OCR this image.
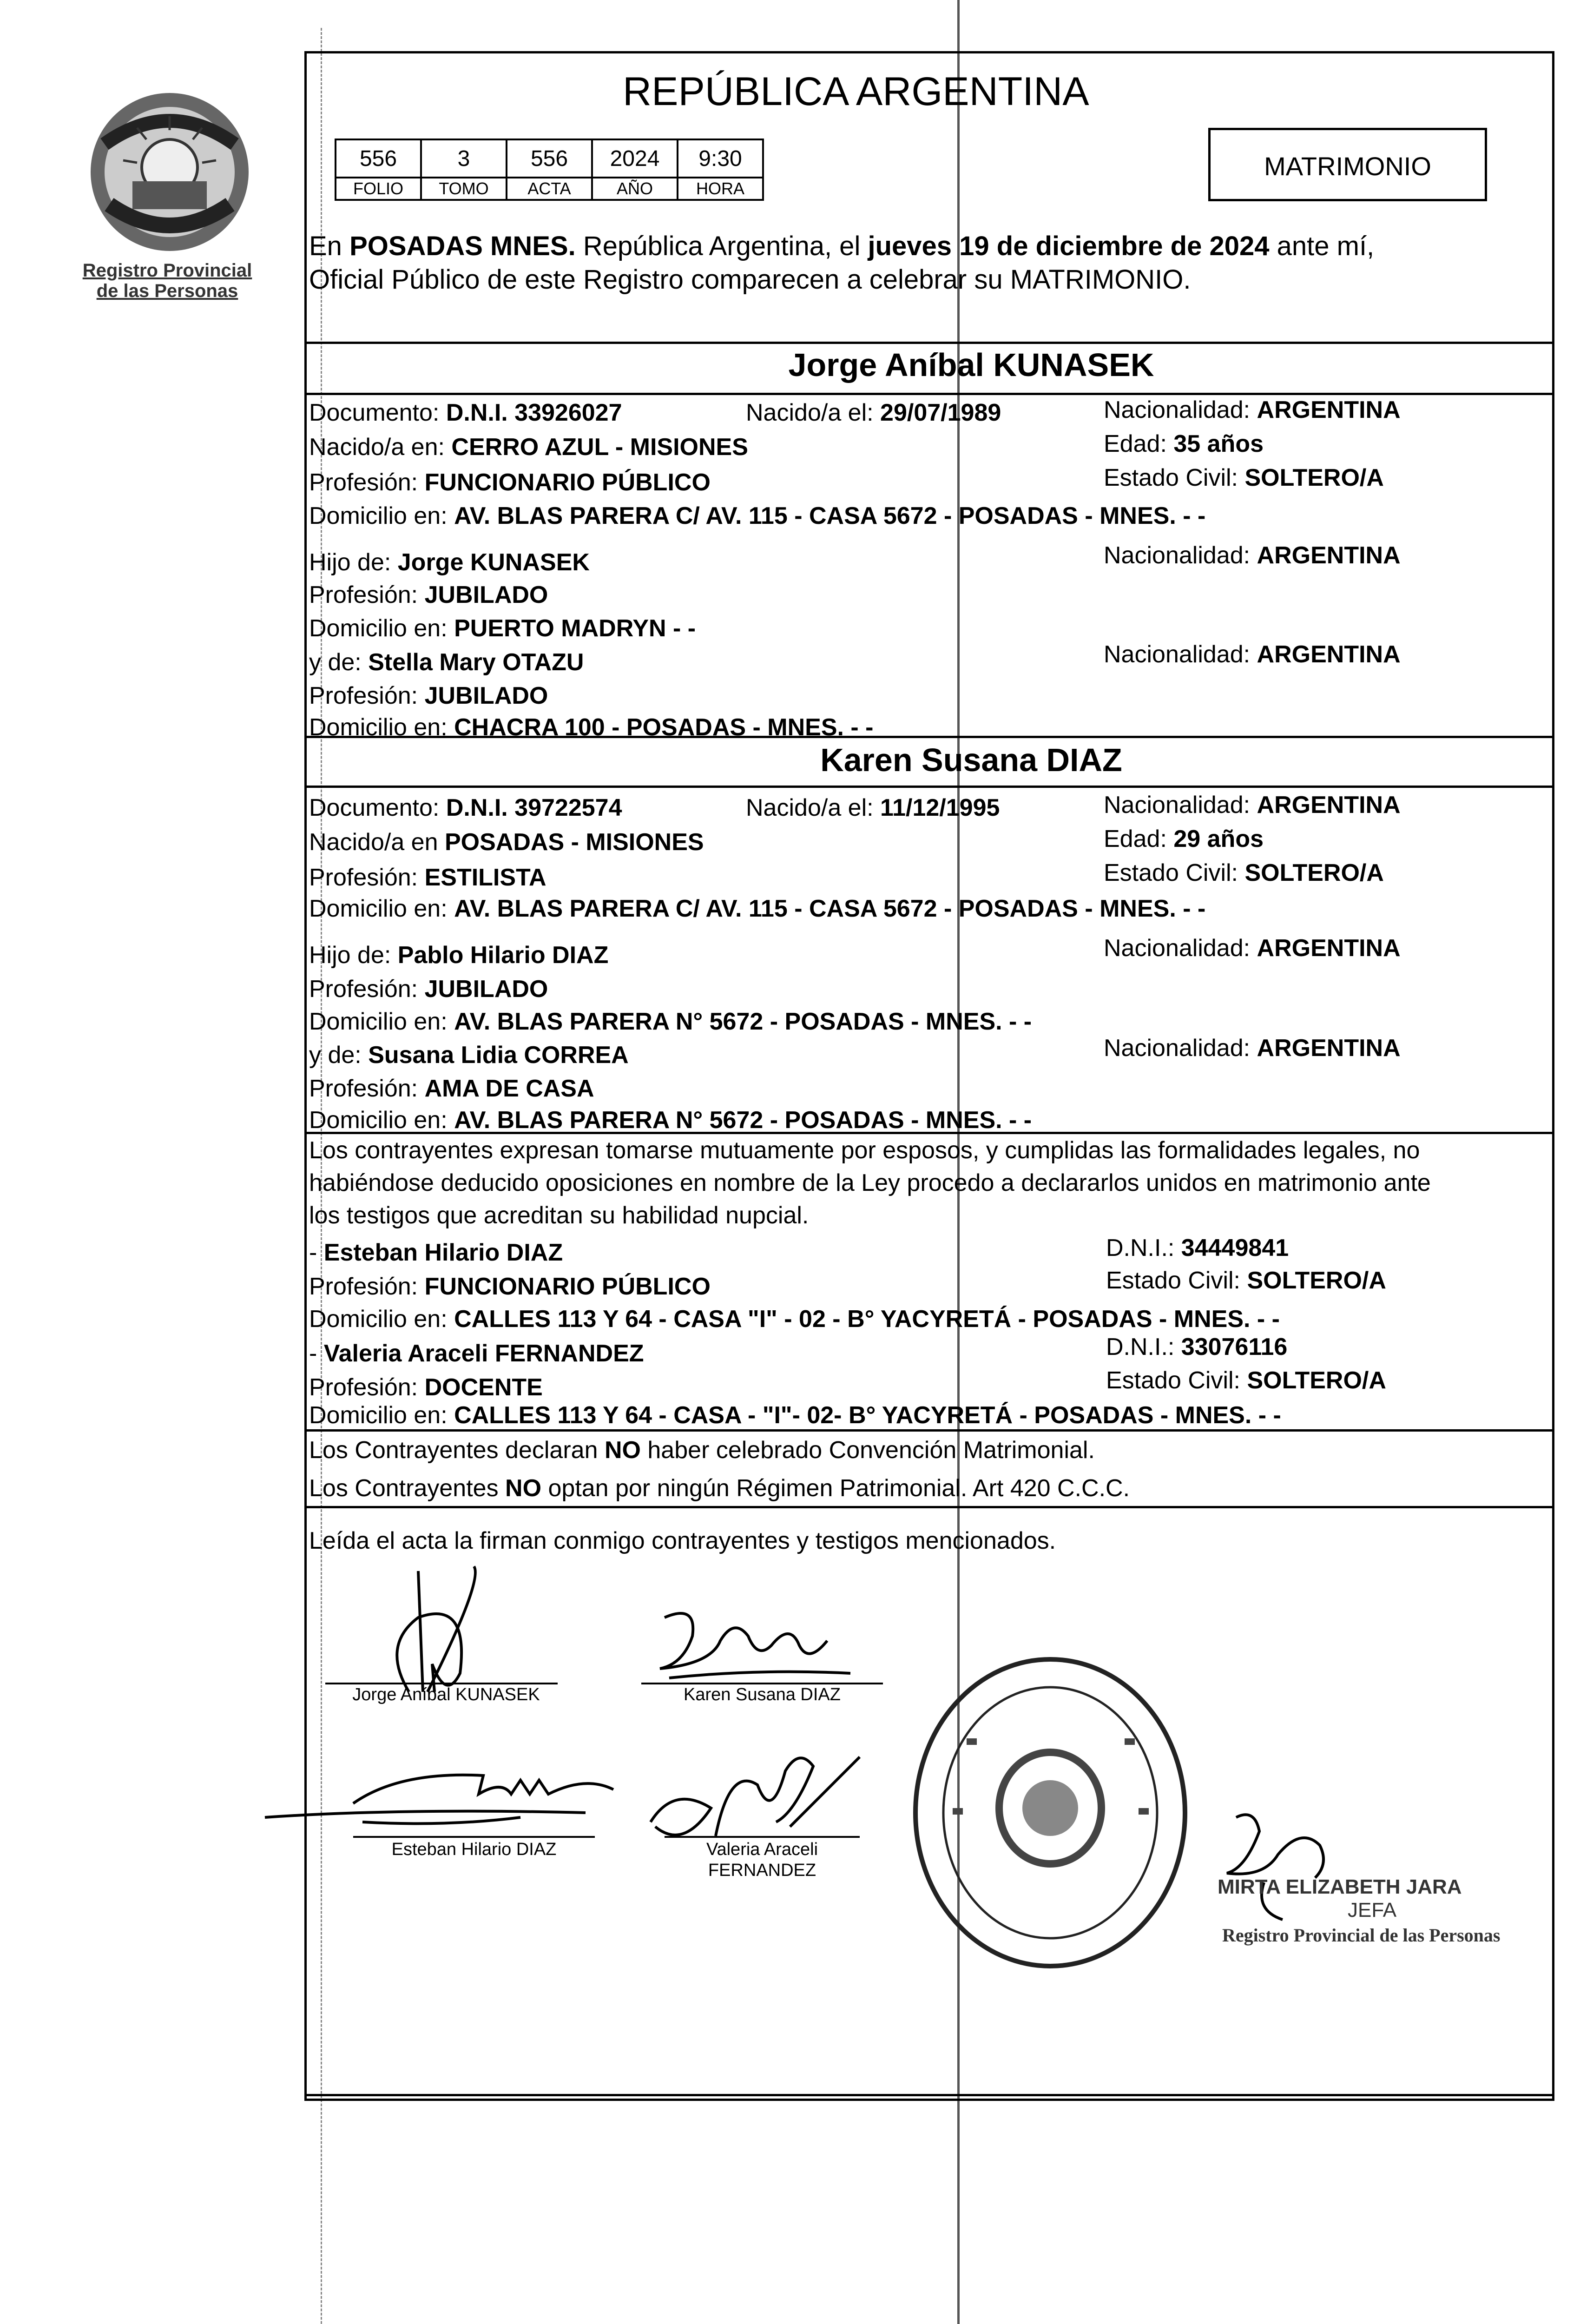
Registro Provincial
de las Personas
REPÚBLICA ARGENTINA
556	3	556	2024	9:30
FOLIO	TOMO	ACTA	AÑO	HORA
MATRIMONIO
En POSADAS MNES. República Argentina, el jueves 19 de diciembre de 2024 ante mí,
Oficial Público de este Registro comparecen a celebrar su MATRIMONIO.
Jorge Aníbal KUNASEK
Documento: D.N.I. 33926027	Nacido/a el: 29/07/1989	Nacionalidad: ARGENTINA
Nacido/a en: CERRO AZUL - MISIONES	Edad: 35 años
Profesión: FUNCIONARIO PÚBLICO	Estado Civil: SOLTERO/A
Domicilio en: AV. BLAS PARERA C/ AV. 115 - CASA 5672 - POSADAS - MNES. - -
Hijo de: Jorge KUNASEK	Nacionalidad: ARGENTINA
Profesión: JUBILADO
Domicilio en: PUERTO MADRYN - -
y de: Stella Mary OTAZU	Nacionalidad: ARGENTINA
Profesión: JUBILADO
Domicilio en: CHACRA 100 - POSADAS - MNES. - -
Karen Susana DIAZ
Documento: D.N.I. 39722574	Nacido/a el: 11/12/1995	Nacionalidad: ARGENTINA
Nacido/a en POSADAS - MISIONES	Edad: 29 años
Profesión: ESTILISTA	Estado Civil: SOLTERO/A
Domicilio en: AV. BLAS PARERA C/ AV. 115 - CASA 5672 - POSADAS - MNES. - -
Hijo de: Pablo Hilario DIAZ	Nacionalidad: ARGENTINA
Profesión: JUBILADO
Domicilio en: AV. BLAS PARERA N° 5672 - POSADAS - MNES. - -
y de: Susana Lidia CORREA	Nacionalidad: ARGENTINA
Profesión: AMA DE CASA
Domicilio en: AV. BLAS PARERA N° 5672 - POSADAS - MNES. - -
Los contrayentes expresan tomarse mutuamente por esposos, y cumplidas las formalidades legales, no
habiéndose deducido oposiciones en nombre de la Ley procedo a declararlos unidos en matrimonio ante
los testigos que acreditan su habilidad nupcial.
- Esteban Hilario DIAZ	D.N.I.: 34449841
Profesión: FUNCIONARIO PÚBLICO	Estado Civil: SOLTERO/A
Domicilio en: CALLES 113 Y 64 - CASA "I" - 02 - B° YACYRETÁ - POSADAS - MNES. - -
- Valeria Araceli FERNANDEZ	D.N.I.: 33076116
Profesión: DOCENTE	Estado Civil: SOLTERO/A
Domicilio en: CALLES 113 Y 64 - CASA - "I"- 02- B° YACYRETÁ - POSADAS - MNES. - -
Los Contrayentes declaran NO haber celebrado Convención Matrimonial.
Los Contrayentes NO optan por ningún Régimen Patrimonial. Art 420 C.C.C.
Leída el acta la firman conmigo contrayentes y testigos mencionados.
Jorge Aníbal KUNASEK	Karen Susana DIAZ
Esteban Hilario DIAZ	Valeria Araceli
FERNANDEZ
MIRTA ELIZABETH JARA
JEFA
Registro Provincial de las Personas
